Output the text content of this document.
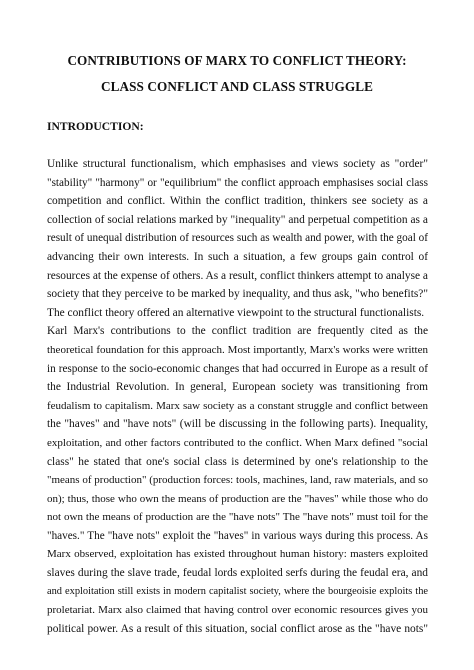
CONTRIBUTIONS OF MARX TO CONFLICT THEORY:
CLASS CONFLICT AND CLASS STRUGGLE
INTRODUCTION:
Unlike structural functionalism, which emphasises and views society as "order"
"stability" "harmony" or "equilibrium" the conflict approach emphasises social class
competition and conflict. Within the conflict tradition, thinkers see society as a
collection of social relations marked by "inequality" and perpetual competition as a
result of unequal distribution of resources such as wealth and power, with the goal of
advancing their own interests. In such a situation, a few groups gain control of
resources at the expense of others. As a result, conflict thinkers attempt to analyse a
society that they perceive to be marked by inequality, and thus ask, "who benefits?"
The conflict theory offered an alternative viewpoint to the structural functionalists.
Karl Marx's contributions to the conflict tradition are frequently cited as the
theoretical foundation for this approach. Most importantly, Marx's works were written
in response to the socio-economic changes that had occurred in Europe as a result of
the Industrial Revolution. In general, European society was transitioning from
feudalism to capitalism. Marx saw society as a constant struggle and conflict between
the "haves" and "have nots" (will be discussing in the following parts). Inequality,
exploitation, and other factors contributed to the conflict. When Marx defined "social
class" he stated that one's social class is determined by one's relationship to the
"means of production" (production forces: tools, machines, land, raw materials, and so
on); thus, those who own the means of production are the "haves" while those who do
not own the means of production are the "have nots" The "have nots" must toil for the
"haves." The "have nots" exploit the "haves" in various ways during this process. As
Marx observed, exploitation has existed throughout human history: masters exploited
slaves during the slave trade, feudal lords exploited serfs during the feudal era, and
and exploitation still exists in modern capitalist society, where the bourgeoisie exploits the
proletariat. Marx also claimed that having control over economic resources gives you
political power. As a result of this situation, social conflict arose as the "have nots"
